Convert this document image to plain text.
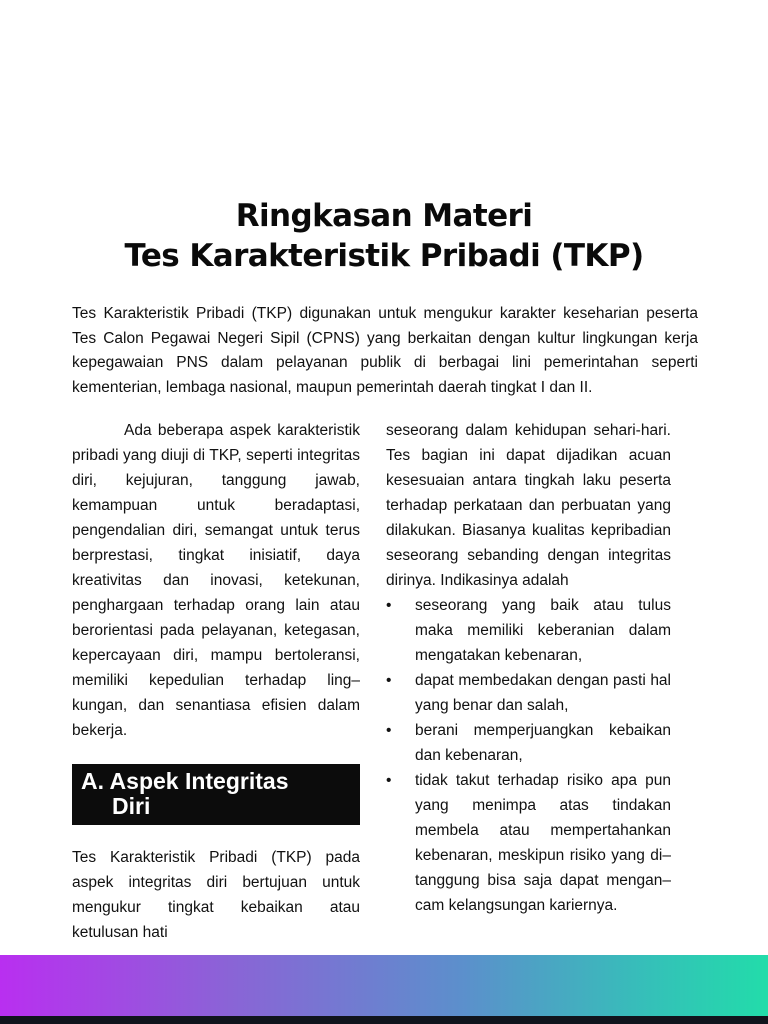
Ringkasan Materi
Tes Karakteristik Pribadi (TKP)

Tes Karakteristik Pribadi (TKP) digunakan untuk mengukur karakter keseharian peserta Tes Calon Pegawai Negeri Sipil (CPNS) yang berkaitan dengan kultur lingkungan kerja kepegawaian PNS dalam pelayanan publik di berbagai lini pemerintahan seperti kementerian, lembaga nasional, maupun pemerintah daerah tingkat I dan II.

Ada beberapa aspek karakteristik pribadi yang diuji di TKP, seperti integritas diri, kejujuran, tanggung jawab, kemampuan untuk beradaptasi, pengendalian diri, semangat untuk terus berprestasi, tingkat inisiatif, daya kreativitas dan inovasi, ketekunan, penghargaan terhadap orang lain atau berorientasi pada pelayanan, ketegasan, kepercayaan diri, mampu bertoleransi, memiliki kepedulian terhadap ling–kungan, dan senantiasa efisien dalam bekerja.

A. Aspek Integritas
Diri

Tes Karakteristik Pribadi (TKP) pada aspek integritas diri bertujuan untuk mengukur tingkat kebaikan atau ketulusan hati

seseorang dalam kehidupan sehari-hari. Tes bagian ini dapat dijadikan acuan kesesuaian antara tingkah laku peserta terhadap perkataan dan perbuatan yang dilakukan. Biasanya kualitas kepribadian seseorang sebanding dengan integritas dirinya. Indikasinya adalah

•	seseorang yang baik atau tulus maka memiliki keberanian dalam mengatakan kebenaran,
•	dapat membedakan dengan pasti hal yang benar dan salah,
•	berani memperjuangkan kebaikan dan kebenaran,
•	tidak takut terhadap risiko apa pun yang menimpa atas tindakan membela atau mempertahankan kebenaran, meskipun risiko yang di–tanggung bisa saja dapat mengan–cam kelangsungan kariernya.
